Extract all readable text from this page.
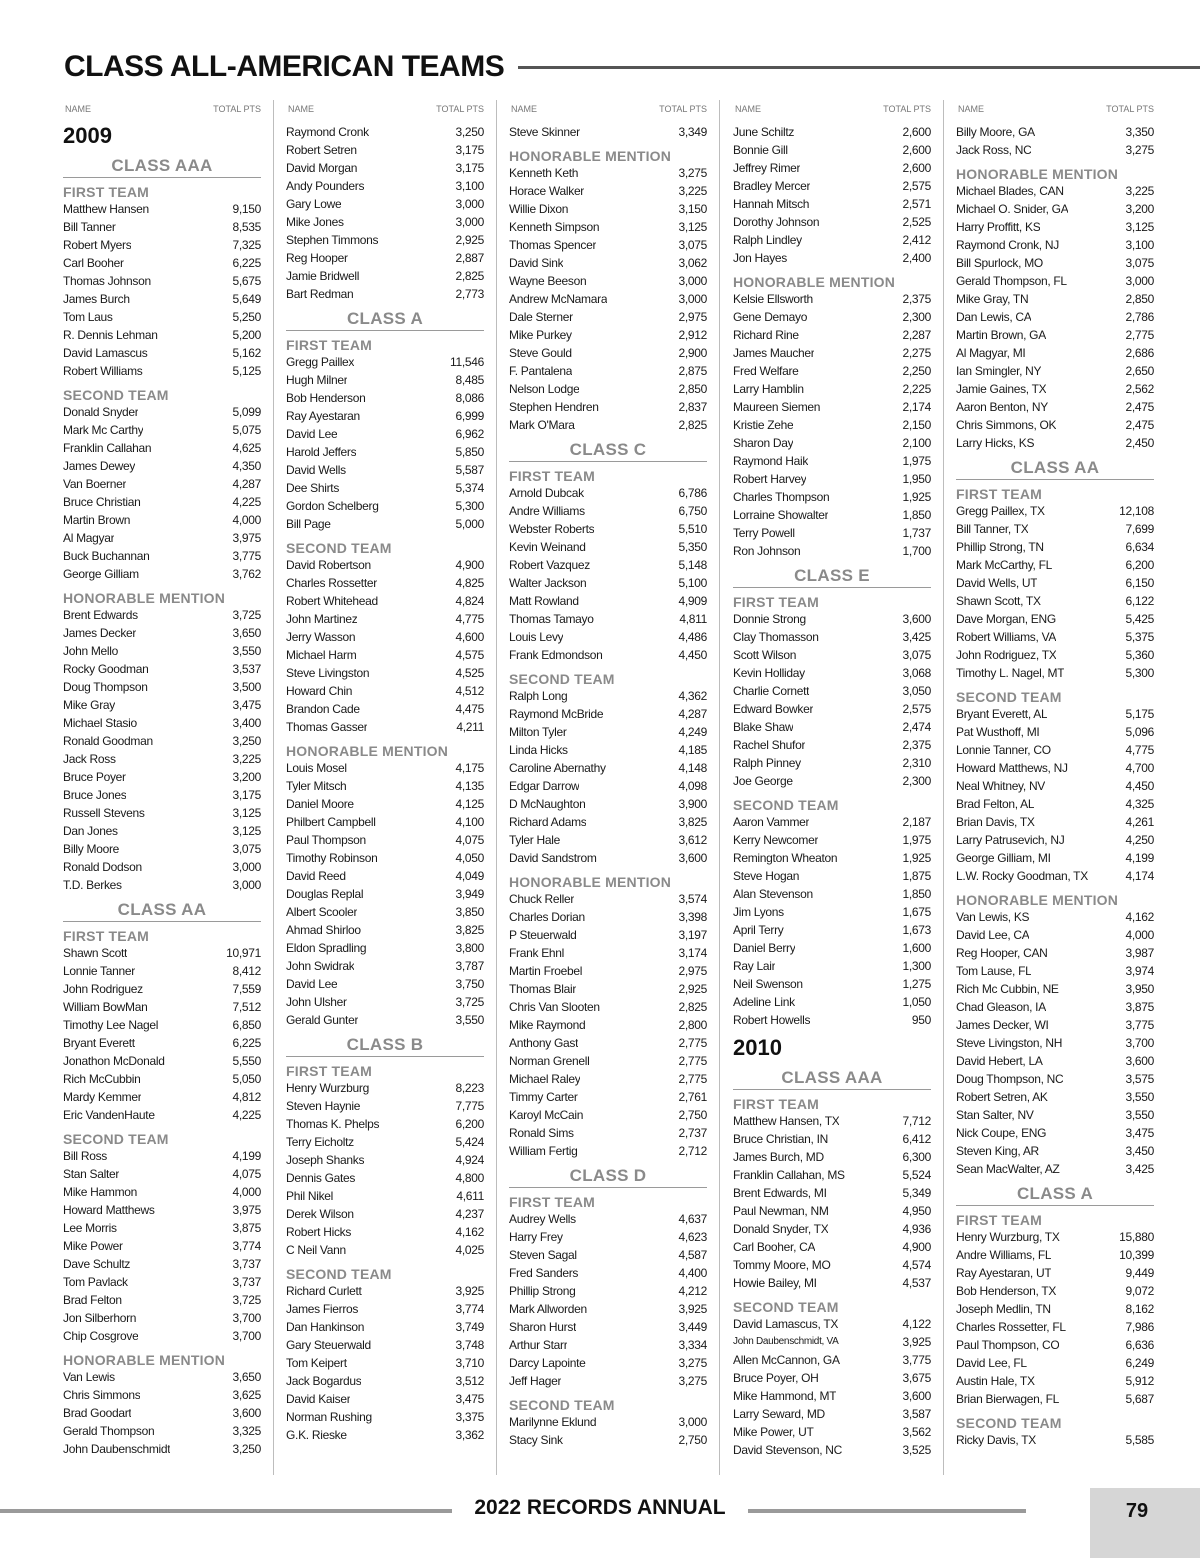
CLASS ALL-AMERICAN TEAMS
NAME	TOTAL PTS
2009
CLASS AAA
FIRST TEAM
Matthew Hansen	9,150
Bill Tanner	8,535
Robert Myers	7,325
Carl Booher	6,225
Thomas Johnson	5,675
James Burch	5,649
Tom Laus	5,250
R. Dennis Lehman	5,200
David Lamascus	5,162
Robert Williams	5,125
SECOND TEAM
Donald Snyder	5,099
Mark Mc Carthy	5,075
Franklin Callahan	4,625
James Dewey	4,350
Van Boerner	4,287
Bruce Christian	4,225
Martin Brown	4,000
Al Magyar	3,975
Buck Buchannan	3,775
George Gilliam	3,762
HONORABLE MENTION
Brent Edwards	3,725
James Decker	3,650
John Mello	3,550
Rocky Goodman	3,537
Doug Thompson	3,500
Mike Gray	3,475
Michael Stasio	3,400
Ronald Goodman	3,250
Jack Ross	3,225
Bruce Poyer	3,200
Bruce Jones	3,175
Russell Stevens	3,125
Dan Jones	3,125
Billy Moore	3,075
Ronald Dodson	3,000
T.D. Berkes	3,000
CLASS AA
FIRST TEAM
Shawn Scott	10,971
Lonnie Tanner	8,412
John Rodriguez	7,559
William BowMan	7,512
Timothy Lee Nagel	6,850
Bryant Everett	6,225
Jonathon McDonald	5,550
Rich McCubbin	5,050
Mardy Kemmer	4,812
Eric VandenHaute	4,225
SECOND TEAM
Bill Ross	4,199
Stan Salter	4,075
Mike Hammon	4,000
Howard Matthews	3,975
Lee Morris	3,875
Mike Power	3,774
Dave Schultz	3,737
Tom Pavlack	3,737
Brad Felton	3,725
Jon Silberhorn	3,700
Chip Cosgrove	3,700
HONORABLE MENTION
Van Lewis	3,650
Chris Simmons	3,625
Brad Goodart	3,600
Gerald Thompson	3,325
John Daubenschmidt	3,250
NAME	TOTAL PTS
Raymond Cronk	3,250
Robert Setren	3,175
David Morgan	3,175
Andy Pounders	3,100
Gary Lowe	3,000
Mike Jones	3,000
Stephen Timmons	2,925
Reg Hooper	2,887
Jamie Bridwell	2,825
Bart Redman	2,773
CLASS A
FIRST TEAM
Gregg Paillex	11,546
Hugh Milner	8,485
Bob Henderson	8,086
Ray Ayestaran	6,999
David Lee	6,962
Harold Jeffers	5,850
David Wells	5,587
Dee Shirts	5,374
Gordon Schelberg	5,300
Bill Page	5,000
SECOND TEAM
David Robertson	4,900
Charles Rossetter	4,825
Robert Whitehead	4,824
John Martinez	4,775
Jerry Wasson	4,600
Michael Harm	4,575
Steve Livingston	4,525
Howard Chin	4,512
Brandon Cade	4,475
Thomas Gasser	4,211
HONORABLE MENTION
Louis Mosel	4,175
Tyler Mitsch	4,135
Daniel Moore	4,125
Philbert Campbell	4,100
Paul Thompson	4,075
Timothy Robinson	4,050
David Reed	4,049
Douglas Replal	3,949
Albert Scooler	3,850
Ahmad Shirloo	3,825
Eldon Spradling	3,800
John Swidrak	3,787
David Lee	3,750
John Ulsher	3,725
Gerald Gunter	3,550
CLASS B
FIRST TEAM
Henry Wurzburg	8,223
Steven Haynie	7,775
Thomas K. Phelps	6,200
Terry Eicholtz	5,424
Joseph Shanks	4,924
Dennis Gates	4,800
Phil Nikel	4,611
Derek Wilson	4,237
Robert Hicks	4,162
C Neil Vann	4,025
SECOND TEAM
Richard Curlett	3,925
James Fierros	3,774
Dan Hankinson	3,749
Gary Steuerwald	3,748
Tom Keipert	3,710
Jack Bogardus	3,512
David Kaiser	3,475
Norman Rushing	3,375
G.K. Rieske	3,362
NAME	TOTAL PTS
Steve Skinner	3,349
HONORABLE MENTION
Kenneth Keth	3,275
Horace Walker	3,225
Willie Dixon	3,150
Kenneth Simpson	3,125
Thomas Spencer	3,075
David Sink	3,062
Wayne Beeson	3,000
Andrew McNamara	3,000
Dale Sterner	2,975
Mike Purkey	2,912
Steve Gould	2,900
F. Pantalena	2,875
Nelson Lodge	2,850
Stephen Hendren	2,837
Mark O'Mara	2,825
CLASS C
FIRST TEAM
Arnold Dubcak	6,786
Andre Williams	6,750
Webster Roberts	5,510
Kevin Weinand	5,350
Robert Vazquez	5,148
Walter Jackson	5,100
Matt Rowland	4,909
Thomas Tamayo	4,811
Louis Levy	4,486
Frank Edmondson	4,450
SECOND TEAM
Ralph Long	4,362
Raymond McBride	4,287
Milton Tyler	4,249
Linda Hicks	4,185
Caroline Abernathy	4,148
Edgar Darrow	4,098
D McNaughton	3,900
Richard Adams	3,825
Tyler Hale	3,612
David Sandstrom	3,600
HONORABLE MENTION
Chuck Reller	3,574
Charles Dorian	3,398
P Steuerwald	3,197
Frank Ehnl	3,174
Martin Froebel	2,975
Thomas Blair	2,925
Chris Van Slooten	2,825
Mike Raymond	2,800
Anthony Gast	2,775
Norman Grenell	2,775
Michael Raley	2,775
Timmy Carter	2,761
Karoyl McCain	2,750
Ronald Sims	2,737
William Fertig	2,712
CLASS D
FIRST TEAM
Audrey Wells	4,637
Harry Frey	4,623
Steven Sagal	4,587
Fred Sanders	4,400
Phillip Strong	4,212
Mark Allworden	3,925
Sharon Hurst	3,449
Arthur Starr	3,334
Darcy Lapointe	3,275
Jeff Hager	3,275
SECOND TEAM
Marilynne Eklund	3,000
Stacy Sink	2,750
NAME	TOTAL PTS
June Schiltz	2,600
Bonnie Gill	2,600
Jeffrey Rimer	2,600
Bradley Mercer	2,575
Hannah Mitsch	2,571
Dorothy Johnson	2,525
Ralph Lindley	2,412
Jon Hayes	2,400
HONORABLE MENTION
Kelsie Ellsworth	2,375
Gene Demayo	2,300
Richard Rine	2,287
James Maucher	2,275
Fred Welfare	2,250
Larry Hamblin	2,225
Maureen Siemen	2,174
Kristie Zehe	2,150
Sharon Day	2,100
Raymond Haik	1,975
Robert Harvey	1,950
Charles Thompson	1,925
Lorraine Showalter	1,850
Terry Powell	1,737
Ron Johnson	1,700
CLASS E
FIRST TEAM
Donnie Strong	3,600
Clay Thomasson	3,425
Scott Wilson	3,075
Kevin Holliday	3,068
Charlie Cornett	3,050
Edward Bowker	2,575
Blake Shaw	2,474
Rachel Shufor	2,375
Ralph Pinney	2,310
Joe George	2,300
SECOND TEAM
Aaron Vammer	2,187
Kerry Newcomer	1,975
Remington Wheaton	1,925
Steve Hogan	1,875
Alan Stevenson	1,850
Jim Lyons	1,675
April Terry	1,673
Daniel Berry	1,600
Ray Lair	1,300
Neil Swenson	1,275
Adeline Link	1,050
Robert Howells	950
2010
CLASS AAA
FIRST TEAM
Matthew Hansen, TX	7,712
Bruce Christian, IN	6,412
James Burch, MD	6,300
Franklin Callahan, MS	5,524
Brent Edwards, MI	5,349
Paul Newman, NM	4,950
Donald Snyder, TX	4,936
Carl Booher, CA	4,900
Tommy Moore, MO	4,574
Howie Bailey, MI	4,537
SECOND TEAM
David Lamascus, TX	4,122
John Daubenschmidt, VA	3,925
Allen McCannon, GA	3,775
Bruce Poyer, OH	3,675
Mike Hammond, MT	3,600
Larry Seward, MD	3,587
Mike Power, UT	3,562
David Stevenson, NC	3,525
NAME	TOTAL PTS
Billy Moore, GA	3,350
Jack Ross, NC	3,275
HONORABLE MENTION
Michael Blades, CAN	3,225
Michael O. Snider, GA	3,200
Harry Proffitt, KS	3,125
Raymond Cronk, NJ	3,100
Bill Spurlock, MO	3,075
Gerald Thompson, FL	3,000
Mike Gray, TN	2,850
Dan Lewis, CA	2,786
Martin Brown, GA	2,775
Al Magyar, MI	2,686
Ian Smingler, NY	2,650
Jamie Gaines, TX	2,562
Aaron Benton, NY	2,475
Chris Simmons, OK	2,475
Larry Hicks, KS	2,450
CLASS AA
FIRST TEAM
Gregg Paillex, TX	12,108
Bill Tanner, TX	7,699
Phillip Strong, TN	6,634
Mark McCarthy, FL	6,200
David Wells, UT	6,150
Shawn Scott, TX	6,122
Dave Morgan, ENG	5,425
Robert Williams, VA	5,375
John Rodriguez, TX	5,360
Timothy L. Nagel, MT	5,300
SECOND TEAM
Bryant Everett, AL	5,175
Pat Wusthoff, MI	5,096
Lonnie Tanner, CO	4,775
Howard Matthews, NJ	4,700
Neal Whitney, NV	4,450
Brad Felton, AL	4,325
Brian Davis, TX	4,261
Larry Patrusevich, NJ	4,250
George Gilliam, MI	4,199
L.W. Rocky Goodman, TX	4,174
HONORABLE MENTION
Van Lewis, KS	4,162
David Lee, CA	4,000
Reg Hooper, CAN	3,987
Tom Lause, FL	3,974
Rich Mc Cubbin, NE	3,950
Chad Gleason, IA	3,875
James Decker, WI	3,775
Steve Livingston, NH	3,700
David Hebert, LA	3,600
Doug Thompson, NC	3,575
Robert Setren, AK	3,550
Stan Salter, NV	3,550
Nick Coupe, ENG	3,475
Steven King, AR	3,450
Sean MacWalter, AZ	3,425
CLASS A
FIRST TEAM
Henry Wurzburg, TX	15,880
Andre Williams, FL	10,399
Ray Ayestaran, UT	9,449
Bob Henderson, TX	9,072
Joseph Medlin, TN	8,162
Charles Rossetter, FL	7,986
Paul Thompson, CO	6,636
David Lee, FL	6,249
Austin Hale, TX	5,912
Brian Bierwagen, FL	5,687
SECOND TEAM
Ricky Davis, TX	5,585
2022 RECORDS ANNUAL	79
